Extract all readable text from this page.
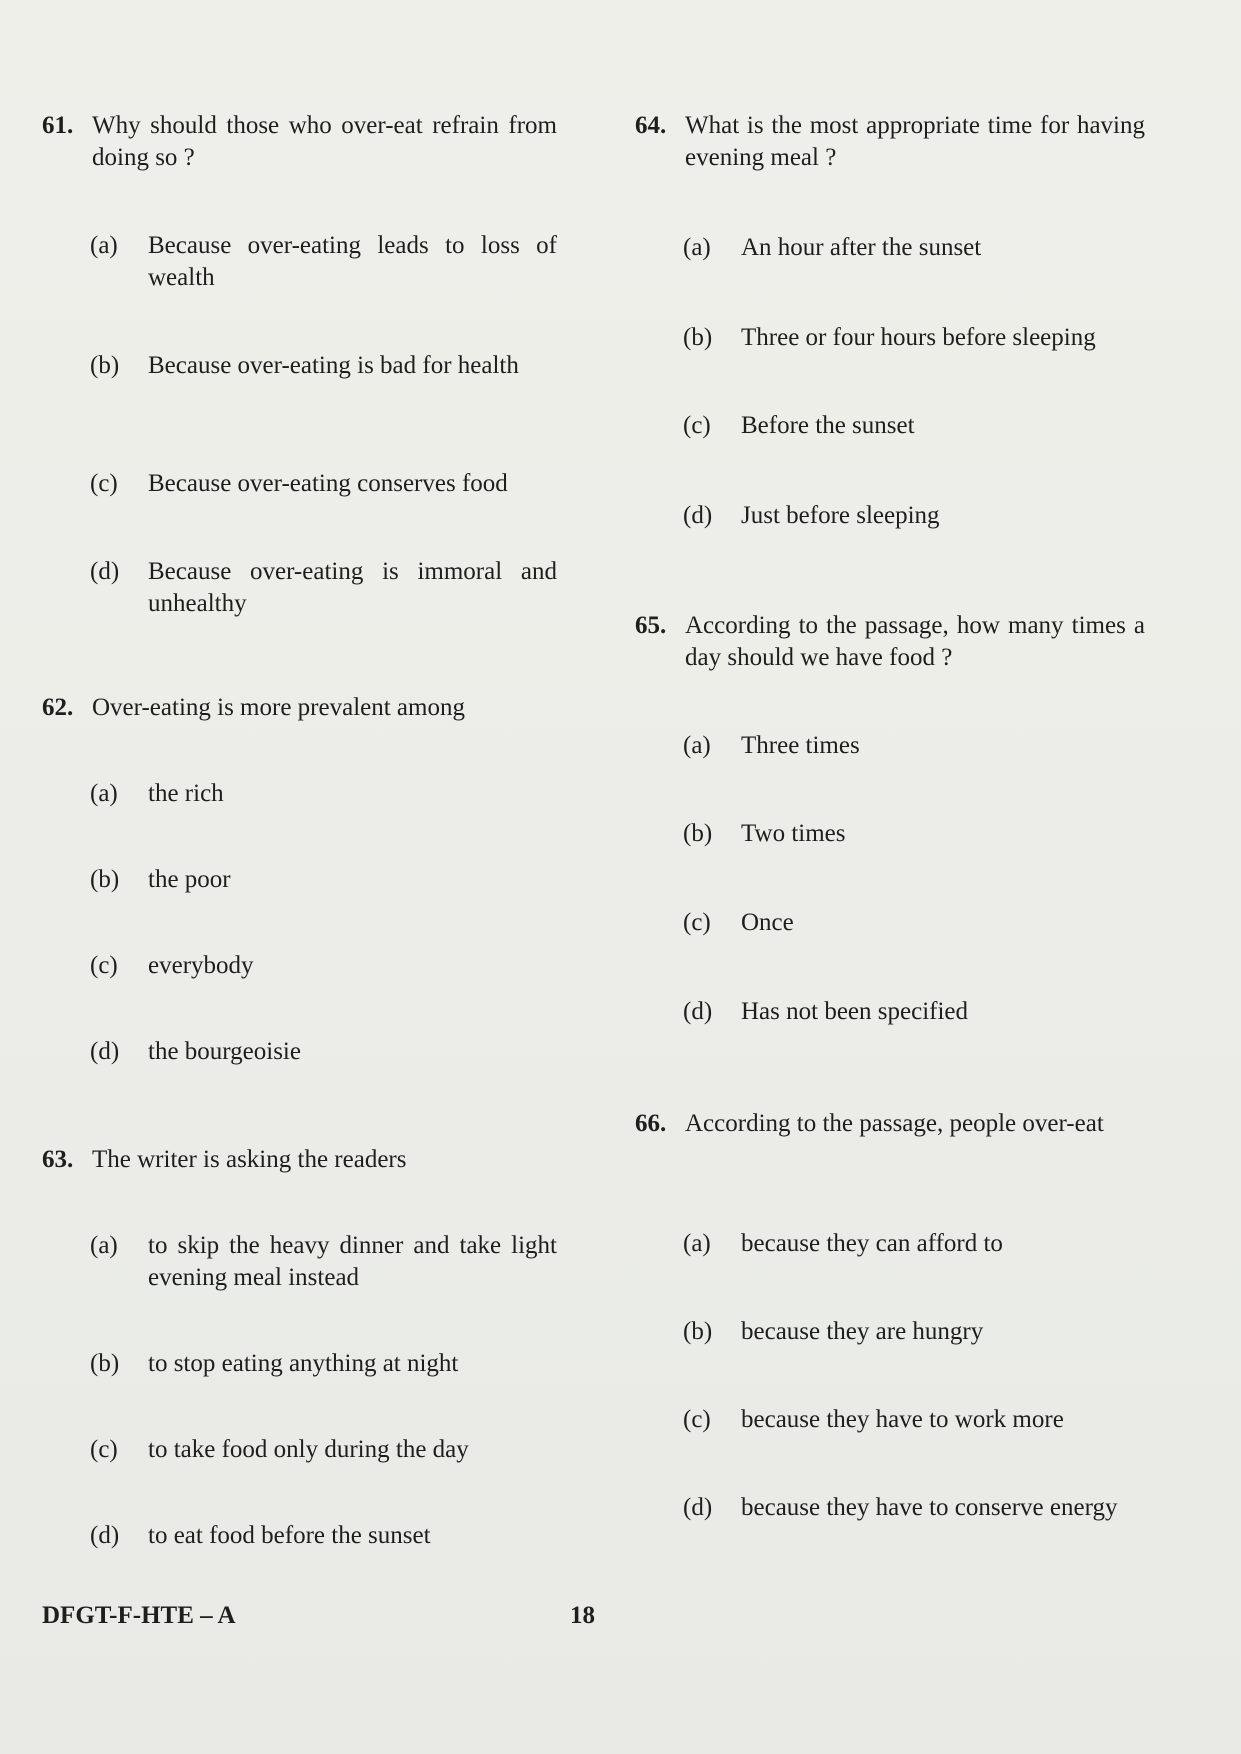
61. Why should those who over-eat refrain from doing so ?
(a)	Because over-eating leads to loss of wealth
(b)	Because over-eating is bad for health
(c)	Because over-eating conserves food
(d)	Because over-eating is immoral and unhealthy
62. Over-eating is more prevalent among
(a)	the rich
(b)	the poor
(c)	everybody
(d)	the bourgeoisie
63. The writer is asking the readers
(a)	to skip the heavy dinner and take light evening meal instead
(b)	to stop eating anything at night
(c)	to take food only during the day
(d)	to eat food before the sunset
64. What is the most appropriate time for having evening meal ?
(a)	An hour after the sunset
(b)	Three or four hours before sleeping
(c)	Before the sunset
(d)	Just before sleeping
65. According to the passage, how many times a day should we have food ?
(a)	Three times
(b)	Two times
(c)	Once
(d)	Has not been specified
66. According to the passage, people over-eat
(a)	because they can afford to
(b)	because they are hungry
(c)	because they have to work more
(d)	because they have to conserve energy
DFGT-F-HTE – A	18
